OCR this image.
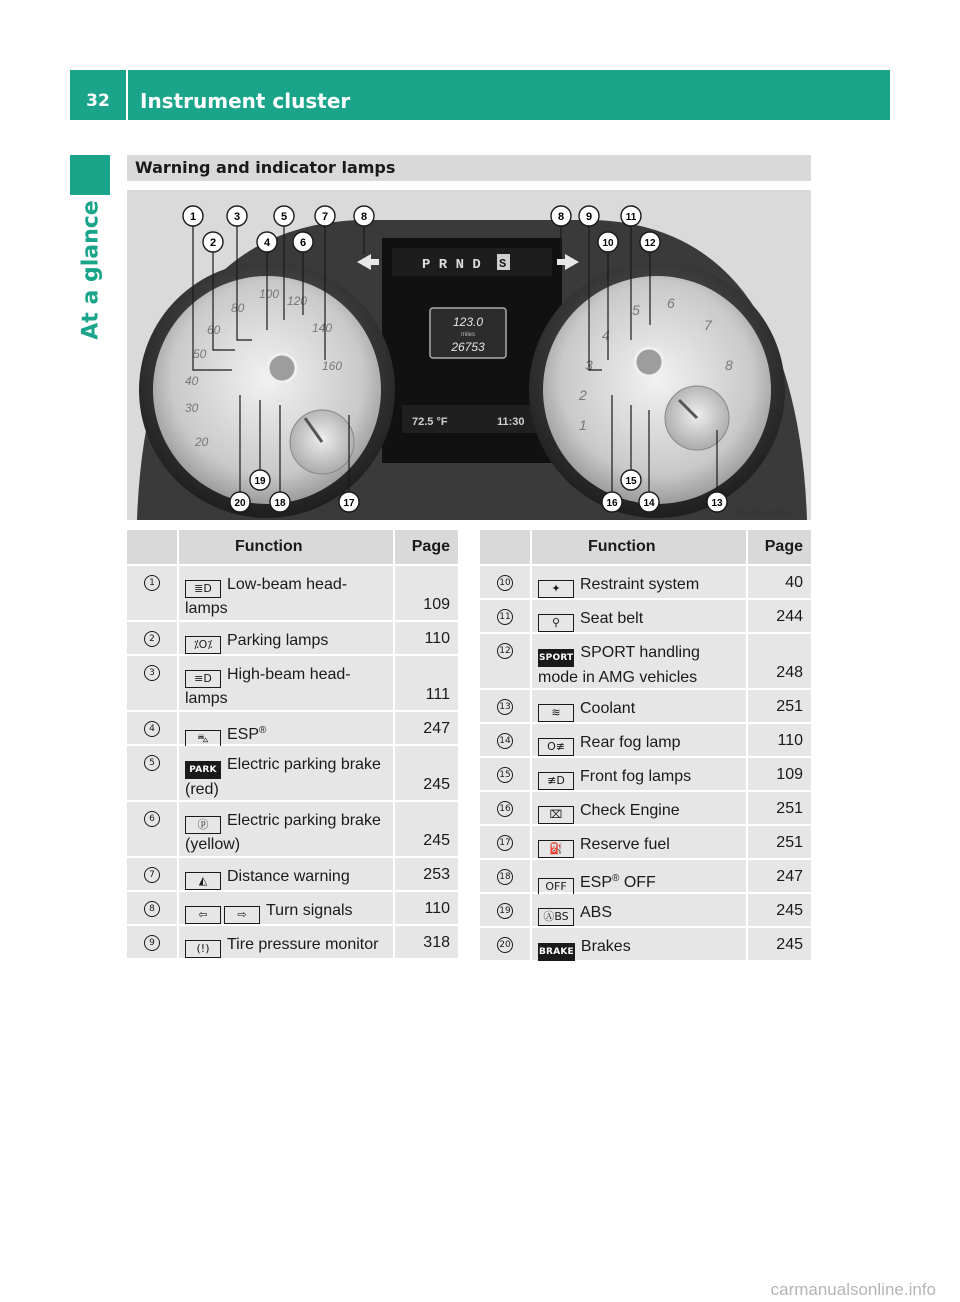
32	Instrument cluster
At a glance
Warning and indicator lamps
P R N D S
123.0
miles
26753
72.5 °F	11:30
20
30
40
50
60
80
100 120
140
160
1
2
3
4
5 6
7
8
1
2
3
4
5
6
7	8	8 9
10
11
12
13
14
15
16
17
18
19
20
P54.33-2615-31
Function	Page
1	≣D Low-beam head-
lamps	109
2	⁒O⁒ Parking lamps	110
3	≡D High-beam head-
lamps	111
4
⛍ ESP®	247
5
PARK Electric parking brake
(red)	245
6	ⓟ Electric parking brake
(yellow)	245
7	◭ Distance warning	253
8	⇦	⇨ Turn signals	110
9	(!) Tire pressure monitor	318
Function	Page
10	✦ Restraint system	40
11	⚲ Seat belt	244
12
SPORT SPORT handling
mode in AMG vehicles	248
13	≋ Coolant	251
14	O≢ Rear fog lamp	110
15	≢D Front fog lamps	109
16	⌧ Check Engine	251
17	⛽ Reserve fuel	251
18
OFF ESP® OFF	247
19	ⒶBS ABS	245
20
BRAKE Brakes	245
carmanualsonline.info
